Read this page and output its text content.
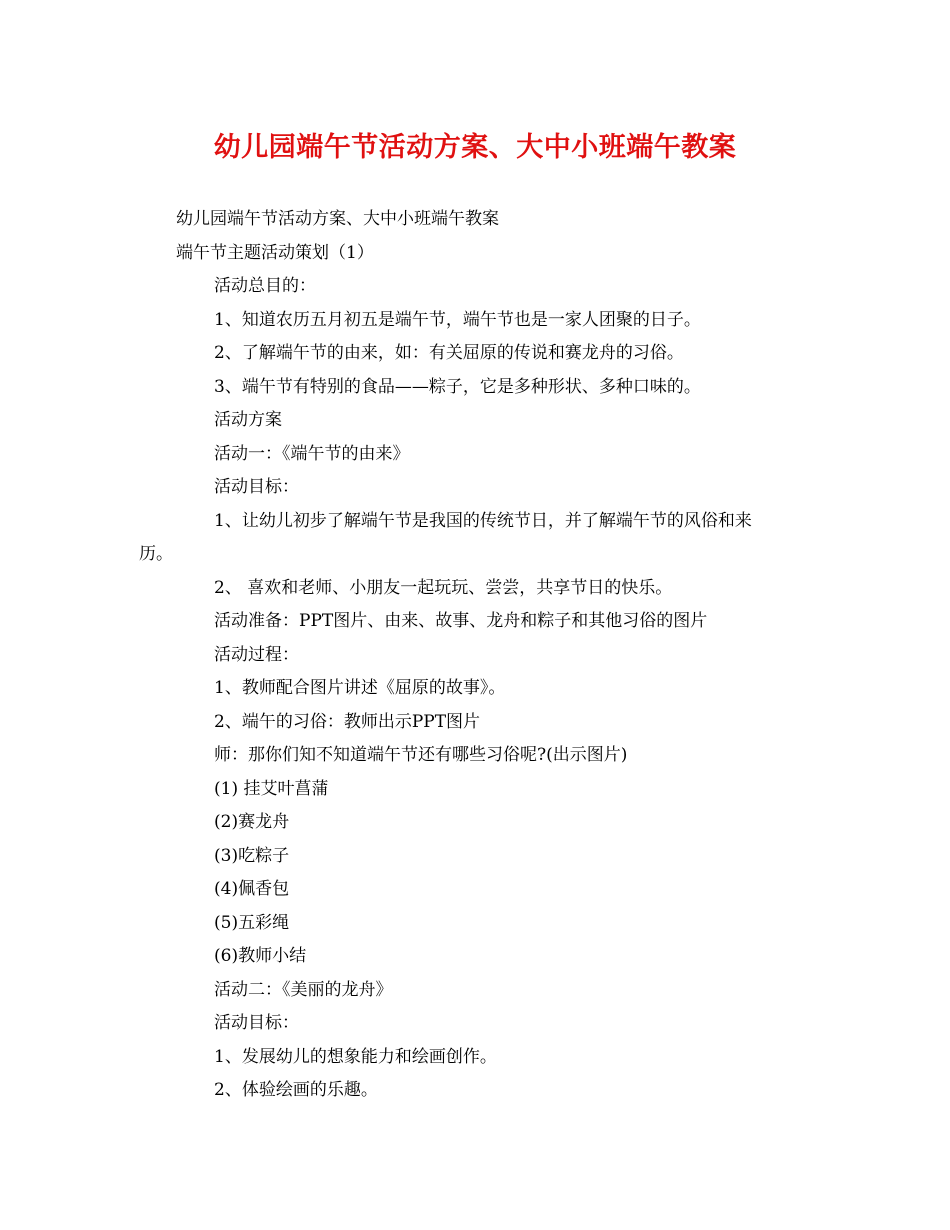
幼儿园端午节活动方案、大中小班端午教案

幼儿园端午节活动方案、大中小班端午教案

端午节主题活动策划（1）

活动总目的：

1、知道农历五月初五是端午节，端午节也是一家人团聚的日子。

2、了解端午节的由来，如：有关屈原的传说和赛龙舟的习俗。

3、端午节有特别的食品——粽子，它是多种形状、多种口味的。

活动方案

活动一：《端午节的由来》

活动目标：

1、让幼儿初步了解端午节是我国的传统节日，并了解端午节的风俗和来

历。

2、 喜欢和老师、小朋友一起玩玩、尝尝，共享节日的快乐。

活动准备：PPT图片、由来、故事、龙舟和粽子和其他习俗的图片

活动过程：

1、教师配合图片讲述《屈原的故事》。

2、端午的习俗：教师出示PPT图片

师：那你们知不知道端午节还有哪些习俗呢?(出示图片)

(1) 挂艾叶菖蒲

(2)赛龙舟

(3)吃粽子

(4)佩香包

(5)五彩绳

(6)教师小结

活动二：《美丽的龙舟》

活动目标：

1、发展幼儿的想象能力和绘画创作。

2、体验绘画的乐趣。
